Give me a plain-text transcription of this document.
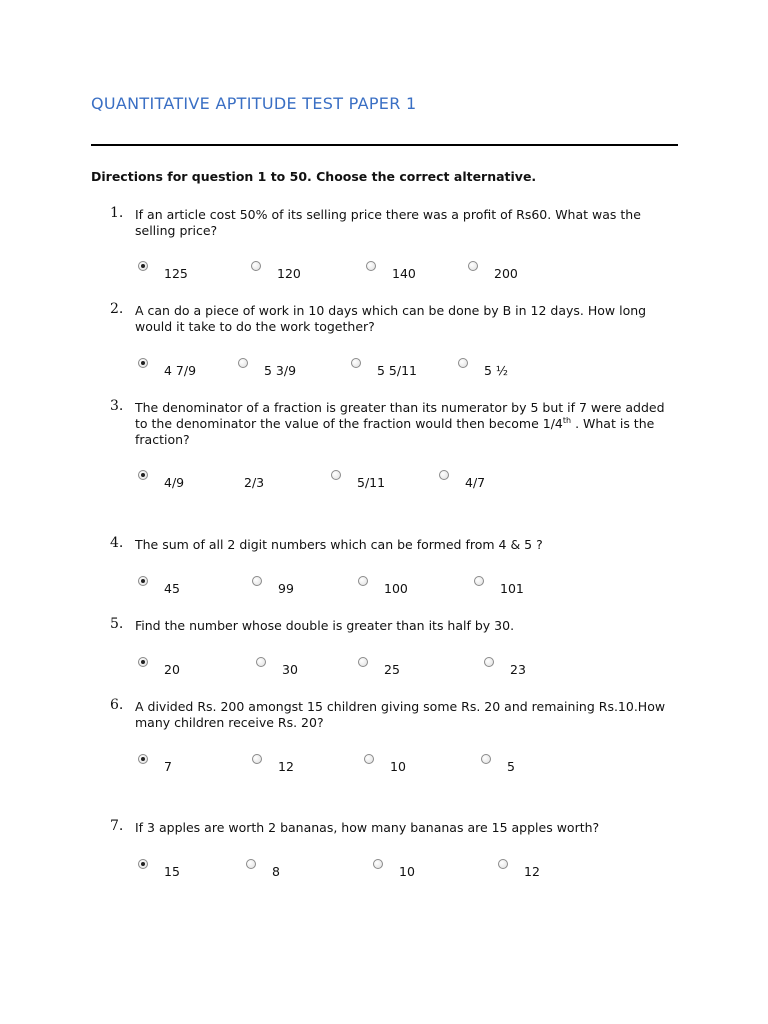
QUANTITATIVE APTITUDE TEST PAPER 1
Directions for question 1 to 50. Choose the correct alternative.
1. If an article cost 50% of its selling price there was a profit of Rs60. What was the selling price?
125	120	140	200
2. A can do a piece of work in 10 days which can be done by B in 12 days. How long would it take to do the work together?
4 7/9	5 3/9	5 5/11	5 ½
3. The denominator of a fraction is greater than its numerator by 5 but if 7 were added to the denominator the value of the fraction would then become 1/4th . What is the fraction?
4/9	2/3	5/11	4/7
4. The sum of all 2 digit numbers which can be formed from 4 & 5 ?
45	99	100	101
5. Find the number whose double is greater than its half by 30.
20	30	25	23
6. A divided Rs. 200 amongst 15 children giving some Rs. 20 and remaining Rs.10.How many children receive Rs. 20?
7	12	10	5
7. If 3 apples are worth 2 bananas, how many bananas are 15 apples worth?
15	8	10	12
